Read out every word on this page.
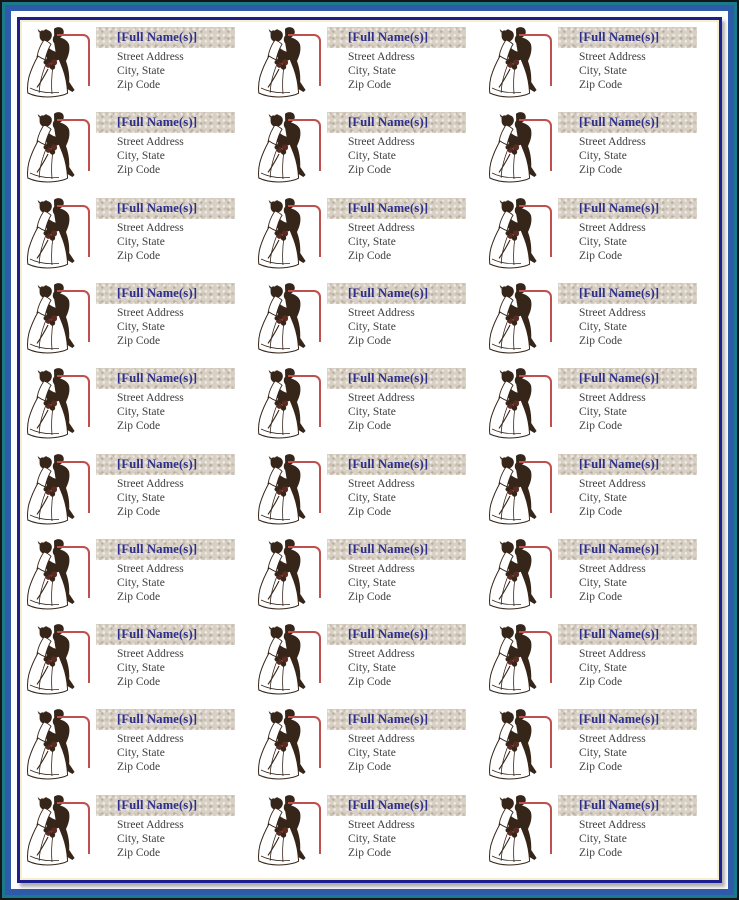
[Full Name(s)]
Street Address
City, State
Zip Code
[Full Name(s)]
Street Address
City, State
Zip Code
[Full Name(s)]
Street Address
City, State
Zip Code
[Full Name(s)]
Street Address
City, State
Zip Code
[Full Name(s)]
Street Address
City, State
Zip Code
[Full Name(s)]
Street Address
City, State
Zip Code
[Full Name(s)]
Street Address
City, State
Zip Code
[Full Name(s)]
Street Address
City, State
Zip Code
[Full Name(s)]
Street Address
City, State
Zip Code
[Full Name(s)]
Street Address
City, State
Zip Code
[Full Name(s)]
Street Address
City, State
Zip Code
[Full Name(s)]
Street Address
City, State
Zip Code
[Full Name(s)]
Street Address
City, State
Zip Code
[Full Name(s)]
Street Address
City, State
Zip Code
[Full Name(s)]
Street Address
City, State
Zip Code
[Full Name(s)]
Street Address
City, State
Zip Code
[Full Name(s)]
Street Address
City, State
Zip Code
[Full Name(s)]
Street Address
City, State
Zip Code
[Full Name(s)]
Street Address
City, State
Zip Code
[Full Name(s)]
Street Address
City, State
Zip Code
[Full Name(s)]
Street Address
City, State
Zip Code
[Full Name(s)]
Street Address
City, State
Zip Code
[Full Name(s)]
Street Address
City, State
Zip Code
[Full Name(s)]
Street Address
City, State
Zip Code
[Full Name(s)]
Street Address
City, State
Zip Code
[Full Name(s)]
Street Address
City, State
Zip Code
[Full Name(s)]
Street Address
City, State
Zip Code
[Full Name(s)]
Street Address
City, State
Zip Code
[Full Name(s)]
Street Address
City, State
Zip Code
[Full Name(s)]
Street Address
City, State
Zip Code
